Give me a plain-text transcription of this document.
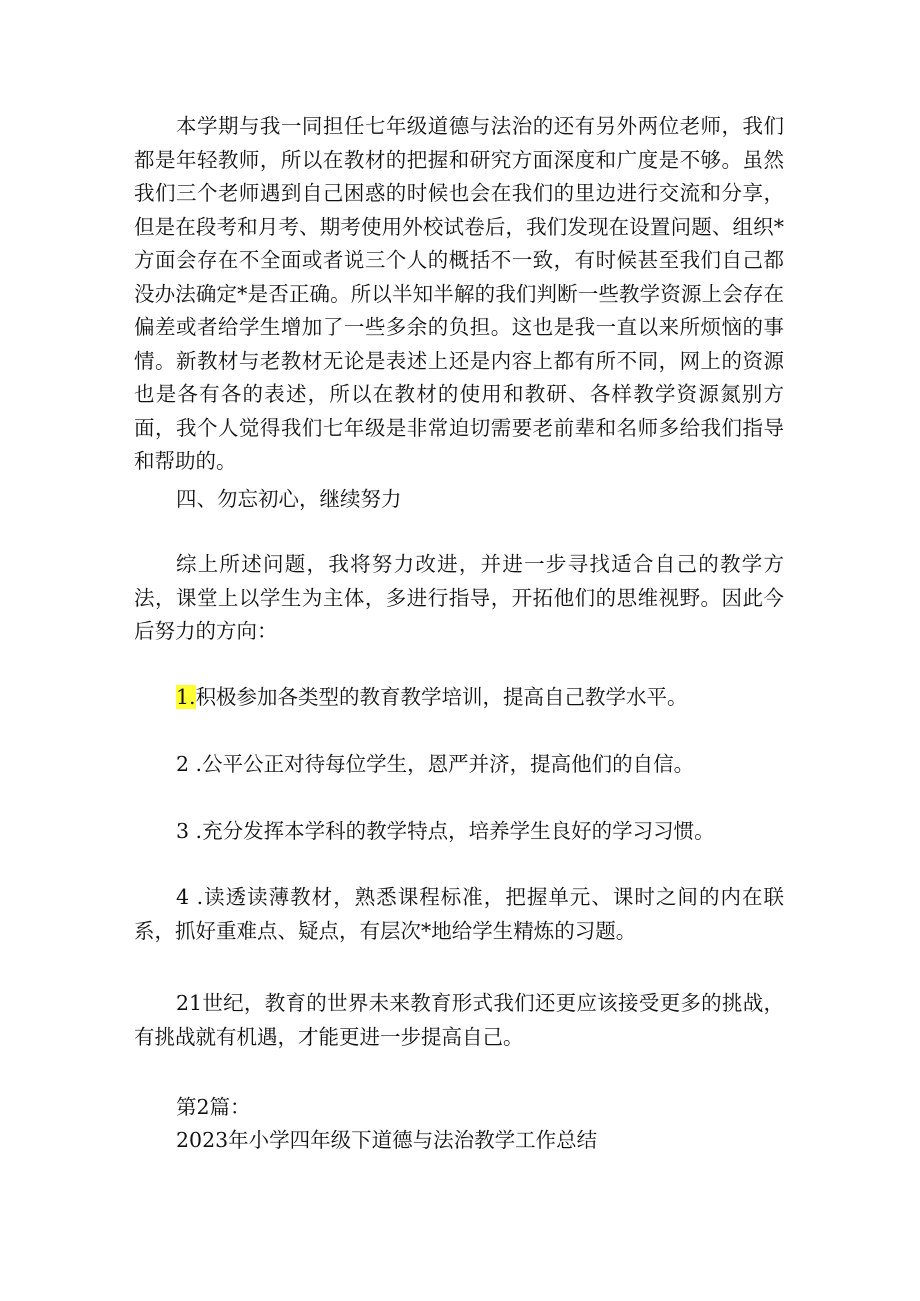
本学期与我一同担任七年级道德与法治的还有另外两位老师，我们都是年轻教师，所以在教材的把握和研究方面深度和广度是不够。虽然我们三个老师遇到自己困惑的时候也会在我们的里边进行交流和分享，但是在段考和月考、期考使用外校试卷后，我们发现在设置问题、组织*方面会存在不全面或者说三个人的概括不一致，有时候甚至我们自己都没办法确定*是否正确。所以半知半解的我们判断一些教学资源上会存在偏差或者给学生增加了一些多余的负担。这也是我一直以来所烦恼的事情。新教材与老教材无论是表述上还是内容上都有所不同，网上的资源也是各有各的表述，所以在教材的使用和教研、各样教学资源氮别方面，我个人觉得我们七年级是非常迫切需要老前辈和名师多给我们指导和帮助的。

四、勿忘初心，继续努力

综上所述问题，我将努力改进，并进一步寻找适合自己的教学方法，课堂上以学生为主体，多进行指导，开拓他们的思维视野。因此今后努力的方向：

1.积极参加各类型的教育教学培训，提高自己教学水平。

2 .公平公正对待每位学生，恩严并济，提高他们的自信。

3 .充分发挥本学科的教学特点，培养学生良好的学习习惯。

4 .读透读薄教材，熟悉课程标准，把握单元、课时之间的内在联系，抓好重难点、疑点，有层次*地给学生精炼的习题。

21世纪，教育的世界未来教育形式我们还更应该接受更多的挑战，有挑战就有机遇，才能更进一步提高自己。

第2篇：

2023年小学四年级下道德与法治教学工作总结
